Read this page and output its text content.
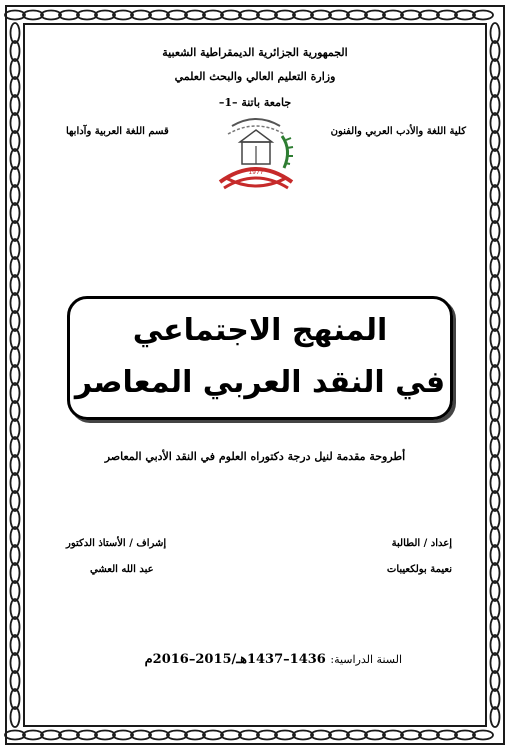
الجمهورية الجزائرية الديمقراطية الشعبية
وزارة التعليم العالي والبحث العلمي
جامعة باتنة –1–
كلية اللغة والأدب العربي والفنون
قسم اللغة العربية وآدابها
1977
المنهج الاجتماعي
في النقد العربي المعاصر
أطروحة مقدمة لنيل درجة دكتوراه العلوم في النقد الأدبي المعاصر
إعداد / الطالبة
نعيمة بولكعيبات
إشراف / الأستاذ الدكتور
عبد الله العشي
السنة الدراسية: 1436–1437هـ/2015–2016م
